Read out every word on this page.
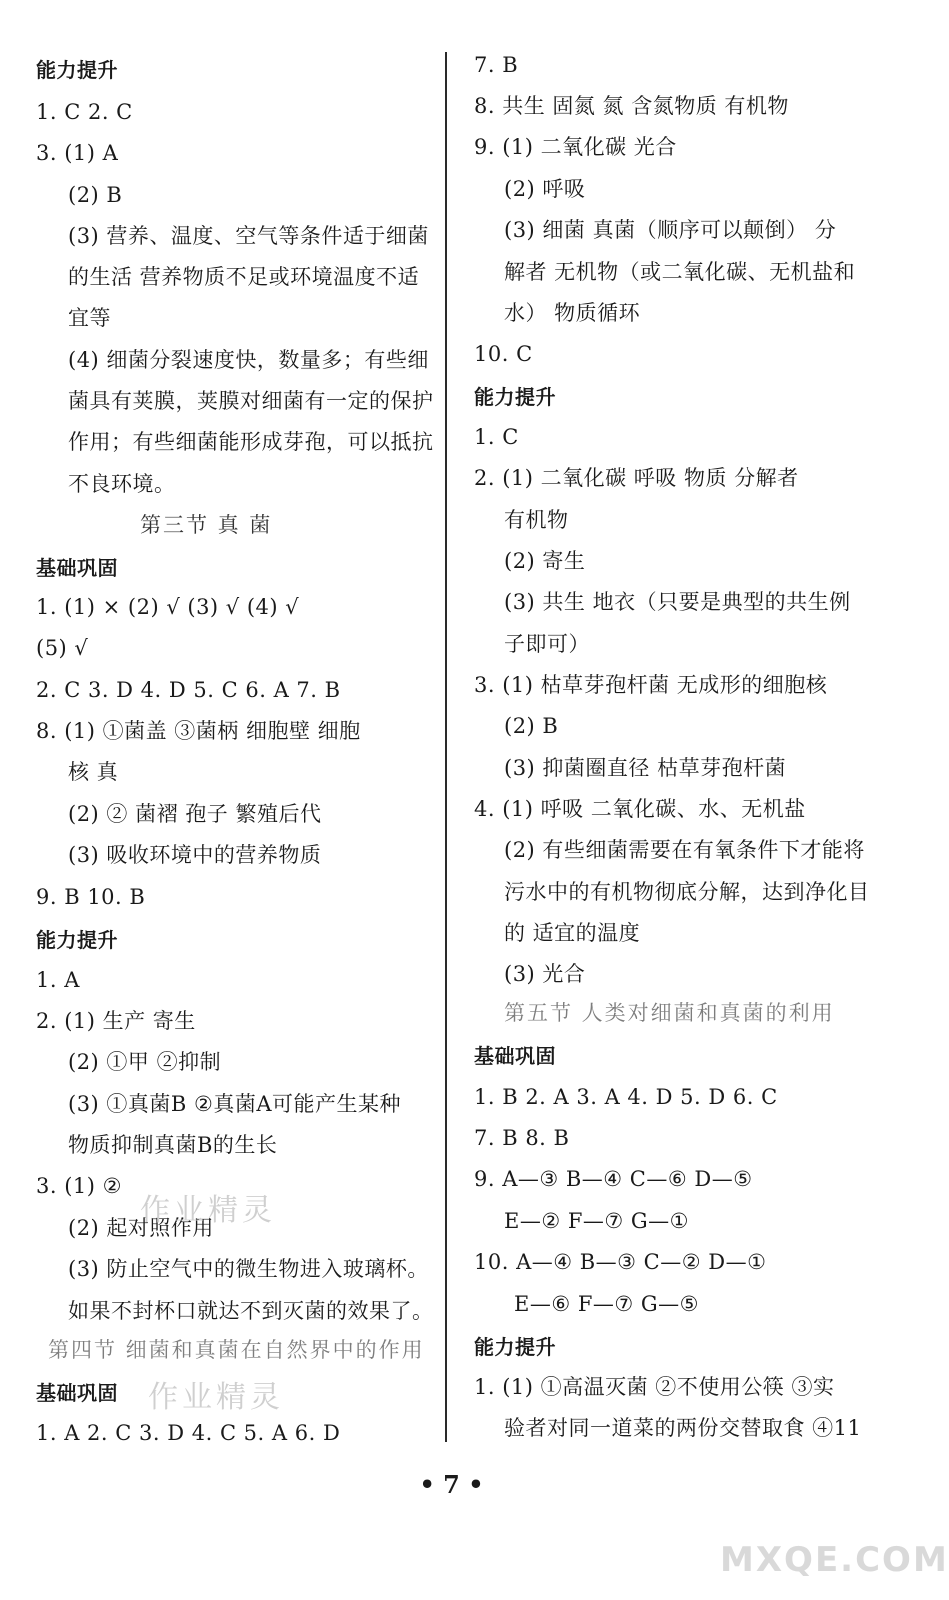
能力提升
1. C 2. C
3. (1) A
(2) B
(3) 营养、温度、空气等条件适于细菌
的生活 营养物质不足或环境温度不适
宜等
(4) 细菌分裂速度快，数量多；有些细
菌具有荚膜，荚膜对细菌有一定的保护
作用；有些细菌能形成芽孢，可以抵抗
不良环境。
第三节 真 菌
基础巩固
1. (1) × (2) √ (3) √ (4) √
(5) √
2. C 3. D 4. D 5. C 6. A 7. B
8. (1) ①菌盖 ③菌柄 细胞壁 细胞
核 真
(2) ② 菌褶 孢子 繁殖后代
(3) 吸收环境中的营养物质
9. B 10. B
能力提升
1. A
2. (1) 生产 寄生
(2) ①甲 ②抑制
(3) ①真菌B ②真菌A可能产生某种
物质抑制真菌B的生长
3. (1) ②
(2) 起对照作用
(3) 防止空气中的微生物进入玻璃杯。
如果不封杯口就达不到灭菌的效果了。
第四节 细菌和真菌在自然界中的作用
基础巩固
1. A 2. C 3. D 4. C 5. A 6. D
7. B
8. 共生 固氮 氮 含氮物质 有机物
9. (1) 二氧化碳 光合
(2) 呼吸
(3) 细菌 真菌（顺序可以颠倒） 分
解者 无机物（或二氧化碳、无机盐和
水） 物质循环
10. C
能力提升
1. C
2. (1) 二氧化碳 呼吸 物质 分解者
有机物
(2) 寄生
(3) 共生 地衣（只要是典型的共生例
子即可）
3. (1) 枯草芽孢杆菌 无成形的细胞核
(2) B
(3) 抑菌圈直径 枯草芽孢杆菌
4. (1) 呼吸 二氧化碳、水、无机盐
(2) 有些细菌需要在有氧条件下才能将
污水中的有机物彻底分解，达到净化目
的 适宜的温度
(3) 光合
第五节 人类对细菌和真菌的利用
基础巩固
1. B 2. A 3. A 4. D 5. D 6. C
7. B 8. B
9. A—③ B—④ C—⑥ D—⑤
E—② F—⑦ G—①
10. A—④ B—③ C—② D—①
E—⑥ F—⑦ G—⑤
能力提升
1. (1) ①高温灭菌 ②不使用公筷 ③实
验者对同一道菜的两份交替取食 ④11
• 7 •
作业精灵
作业精灵
MXQE.COM
